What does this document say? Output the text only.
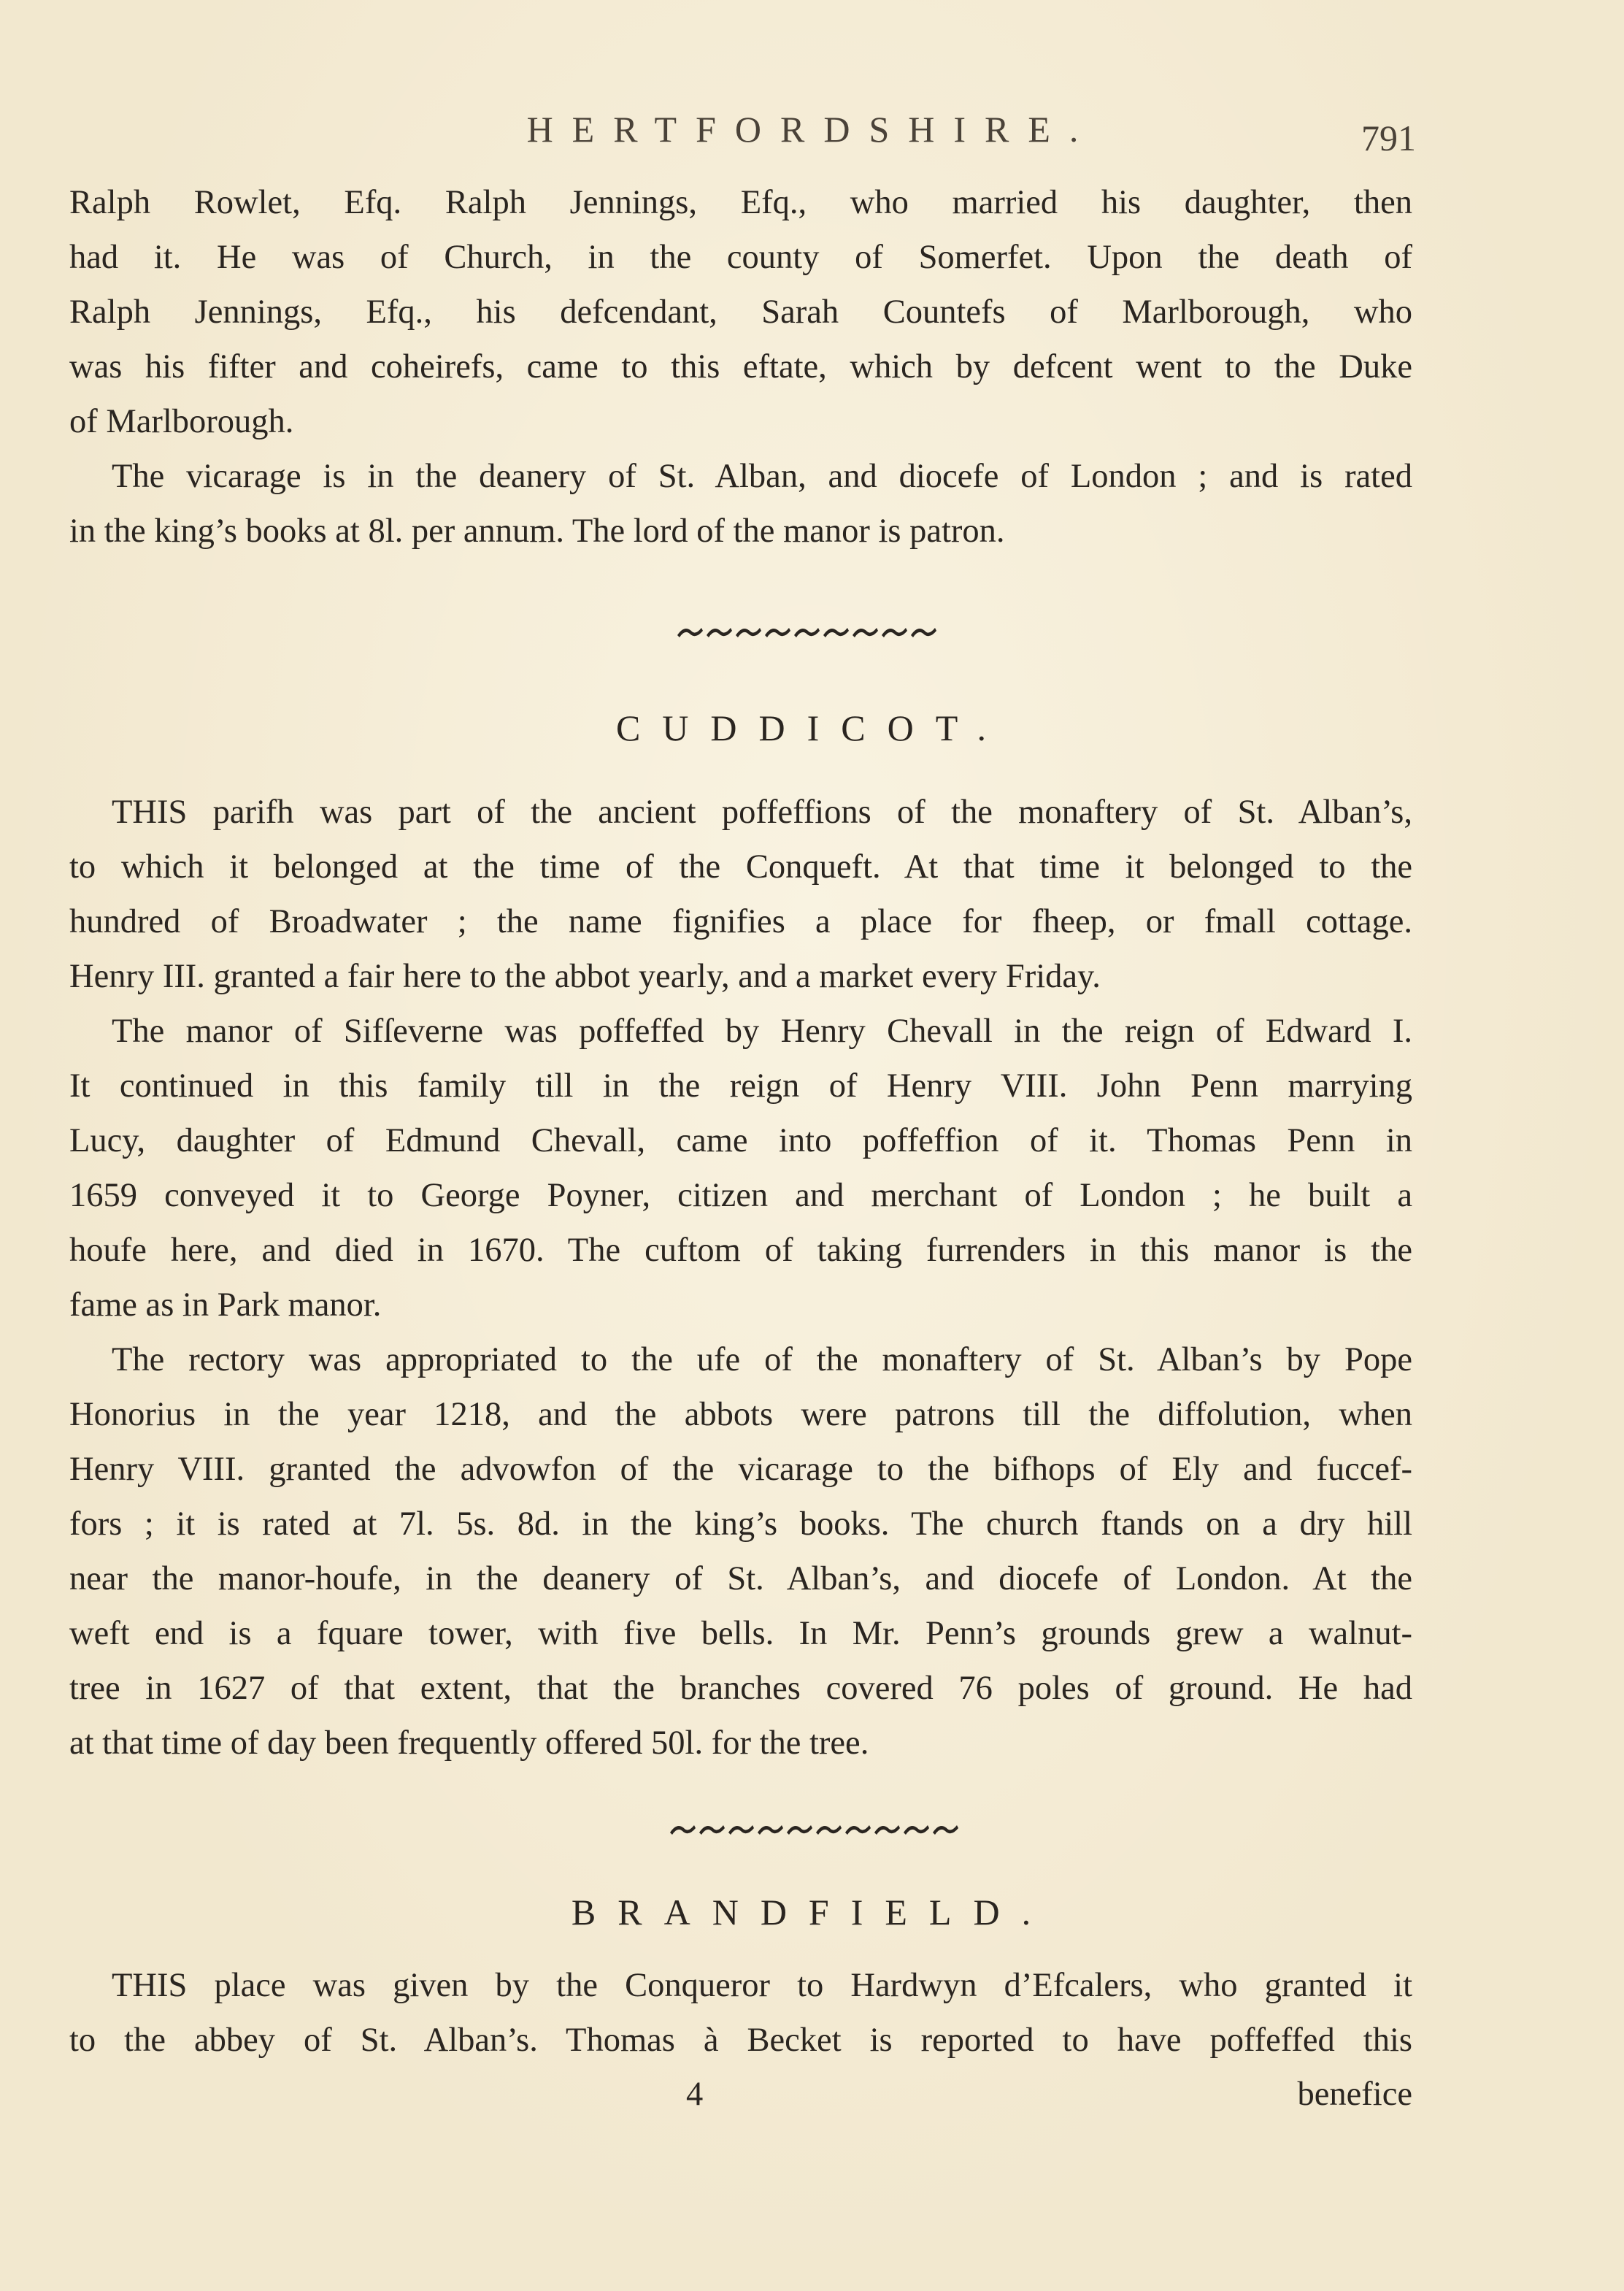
HERTFORDSHIRE.	791
Ralph Rowlet, Efq. Ralph Jennings, Efq., who married his daughter, then
had it. He was of Church, in the county of Somerfet. Upon the death of
Ralph Jennings, Efq., his defcendant, Sarah Countefs of Marlborough, who
was his fifter and coheirefs, came to this eftate, which by defcent went to the Duke
of Marlborough.
The vicarage is in the deanery of St. Alban, and diocefe of London ; and is rated
in the king’s books at 8l. per annum. The lord of the manor is patron.
CUDDICOT.
THIS parifh was part of the ancient poffeffions of the monaftery of St. Alban’s,
to which it belonged at the time of the Conqueft. At that time it belonged to the
hundred of Broadwater ; the name fignifies a place for fheep, or fmall cottage.
Henry III. granted a fair here to the abbot yearly, and a market every Friday.
The manor of Sifſeverne was poffeffed by Henry Chevall in the reign of Edward I.
It continued in this family till in the reign of Henry VIII. John Penn marrying
Lucy, daughter of Edmund Chevall, came into poffeffion of it. Thomas Penn in
1659 conveyed it to George Poyner, citizen and merchant of London ; he built a
houfe here, and died in 1670. The cuftom of taking furrenders in this manor is the
fame as in Park manor.
The rectory was appropriated to the ufe of the monaftery of St. Alban’s by Pope
Honorius in the year 1218, and the abbots were patrons till the diffolution, when
Henry VIII. granted the advowfon of the vicarage to the bifhops of Ely and fuccef-
fors ; it is rated at 7l. 5s. 8d. in the king’s books. The church ftands on a dry hill
near the manor-houfe, in the deanery of St. Alban’s, and diocefe of London. At the
weft end is a fquare tower, with five bells. In Mr. Penn’s grounds grew a walnut-
tree in 1627 of that extent, that the branches covered 76 poles of ground. He had
at that time of day been frequently offered 50l. for the tree.
BRANDFIELD.
THIS place was given by the Conqueror to Hardwyn d’Efcalers, who granted it
to the abbey of St. Alban’s. Thomas à Becket is reported to have poffeffed this
4	benefice
